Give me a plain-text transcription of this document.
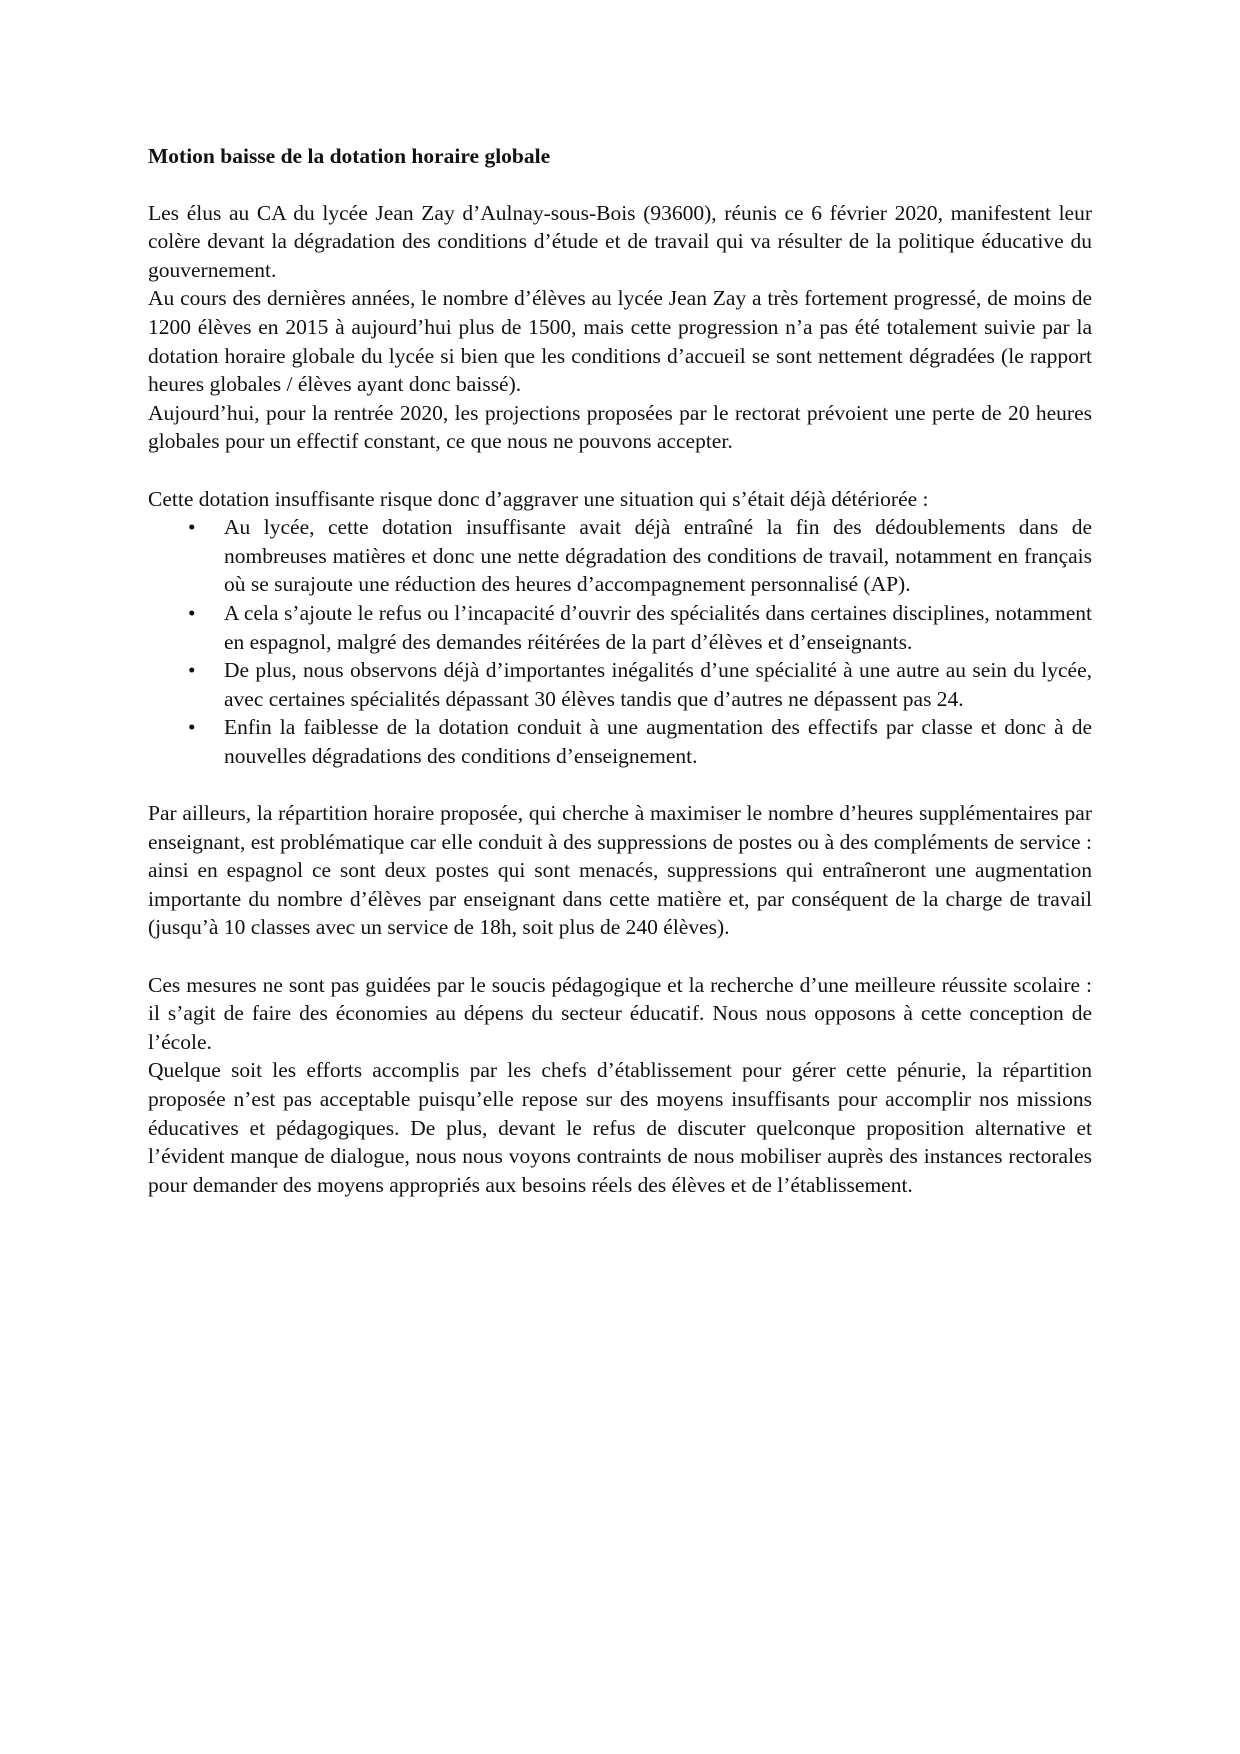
Motion baisse de la dotation horaire globale

Les élus au CA du lycée Jean Zay d’Aulnay-sous-Bois (93600), réunis ce 6 février 2020, manifestent leur colère devant la dégradation des conditions d’étude et de travail qui va résulter de la politique éducative du gouvernement.

Au cours des dernières années, le nombre d’élèves au lycée Jean Zay a très fortement progressé, de moins de 1200 élèves en 2015 à aujourd’hui plus de 1500, mais cette progression n’a pas été totalement suivie par la dotation horaire globale du lycée si bien que les conditions d’accueil se sont nettement dégradées (le rapport heures globales / élèves ayant donc baissé).

Aujourd’hui, pour la rentrée 2020, les projections proposées par le rectorat prévoient une perte de 20 heures globales pour un effectif constant, ce que nous ne pouvons accepter.

Cette dotation insuffisante risque donc d’aggraver une situation qui s’était déjà détériorée :

• Au lycée, cette dotation insuffisante avait déjà entraîné la fin des dédoublements dans de nombreuses matières et donc une nette dégradation des conditions de travail, notamment en français où se surajoute une réduction des heures d’accompagnement personnalisé (AP).
• A cela s’ajoute le refus ou l’incapacité d’ouvrir des spécialités dans certaines disciplines, notamment en espagnol, malgré des demandes réitérées de la part d’élèves et d’enseignants.
• De plus, nous observons déjà d’importantes inégalités d’une spécialité à une autre au sein du lycée, avec certaines spécialités dépassant 30 élèves tandis que d’autres ne dépassent pas 24.
• Enfin la faiblesse de la dotation conduit à une augmentation des effectifs par classe et donc à de nouvelles dégradations des conditions d’enseignement.

Par ailleurs, la répartition horaire proposée, qui cherche à maximiser le nombre d’heures supplémentaires par enseignant, est problématique car elle conduit à des suppressions de postes ou à des compléments de service : ainsi en espagnol ce sont deux postes qui sont menacés, suppressions qui entraîneront une augmentation importante du nombre d’élèves par enseignant dans cette matière et, par conséquent de la charge de travail (jusqu’à 10 classes avec un service de 18h, soit plus de 240 élèves).

Ces mesures ne sont pas guidées par le soucis pédagogique et la recherche d’une meilleure réussite scolaire : il s’agit de faire des économies au dépens du secteur éducatif. Nous nous opposons à cette conception de l’école.

Quelque soit les efforts accomplis par les chefs d’établissement pour gérer cette pénurie, la répartition proposée n’est pas acceptable puisqu’elle repose sur des moyens insuffisants pour accomplir nos missions éducatives et pédagogiques. De plus, devant le refus de discuter quelconque proposition alternative et l’évident manque de dialogue, nous nous voyons contraints de nous mobiliser auprès des instances rectorales pour demander des moyens appropriés aux besoins réels des élèves et de l’établissement.
